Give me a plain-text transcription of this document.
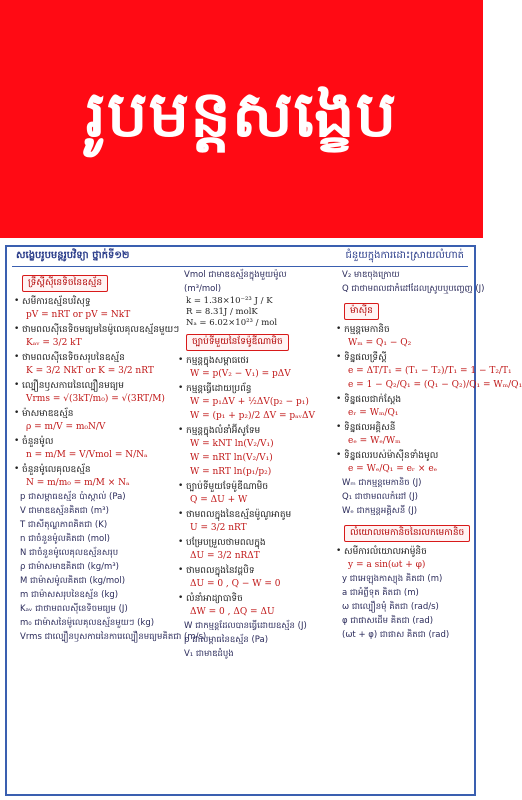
រូបមន្តសង្ខេប
សង្ខេបរូបមន្តរូបវិទ្យា ថ្នាក់ទី១២	ជំនួយក្នុងការដោះស្រាយលំហាត់
ទ្រឹស្តីស៊ីនេទិចនៃឧស្ម័ន
• សមីការឧស្ម័នបរិសុទ្ធ
pV = nRT or pV = NkT
• ថាមពលស៊ីនេទិចមធ្យមនៃម៉ូលេគុលឧស្ម័នមួយៗ
Kₐᵥ = 3/2 kT
• ថាមពលស៊ីនេទិចសរុបនៃឧស្ម័ន
K = 3/2 NkT or K = 3/2 nRT
• ល្បឿនឫសការេនៃល្បឿនមធ្យម
Vrms = √(3kT/m₀) = √(3RT/M)
• ម៉ាសមាឌឧស្ម័ន
ρ = m/V = m₀N/V
• ចំនួនម៉ូល
n = m/M = V/Vmol = N/Nₐ
• ចំនួនម៉ូលេគុលឧស្ម័ន
N = m/m₀ = m/M × Nₐ
p ជាសម្ពាធឧស្ម័ន ប៉ាស្កាល់ (Pa)
V ជាមាឌឧស្ម័នគិតជា (m³)
T ជាសីតុណ្ហភាពគិតជា (K)
n ជាចំនួនម៉ូលគិតជា (mol)
N ជាចំនួនម៉ូលេគុលឧស្ម័នសរុប
ρ ជាម៉ាសមាឌគិតជា (kg/m³)
M ជាម៉ាសម៉ូលគិតជា (kg/mol)
m ជាម៉ាសសរុបនៃឧស្ម័ន (kg)
Kₐᵥ ជាថាមពលស៊ីនេទិចមធ្យម (J)
m₀ ជាម៉ាសនៃម៉ូលេគុលឧស្ម័នមួយៗ (kg)
Vrms ជាល្បឿនឫសការេនៃការេល្បឿនមធ្យមគិតជា (m/s)
Vmol ជាមាឌឧស្ម័នក្នុងមួយម៉ូល
(m³/mol)
k = 1.38×10⁻²³ J / K
R = 8.31J / molK
Nₐ = 6.02×10²³ / mol
ច្បាប់ទីមួយនៃទែម៉ូឌីណាមិច
• កម្មន្តក្នុងសម្ពាធថេរ
W = p(V₂ − V₁) = pΔV
• កម្មន្តធ្វើដោយប្រព័ន្ធ
W = p₁ΔV + ½ΔV(p₂ − p₁)
W = (p₁ + p₂)/2 ΔV = pₐᵥΔV
• កម្មន្តក្នុងលំនាំអ៊ីសូទែម
W = kNT ln(V₂/V₁)
W = nRT ln(V₂/V₁)
W = nRT ln(p₁/p₂)
• ច្បាប់ទីមួយទែម៉ូឌីណាមិច
Q = ΔU + W
• ថាមពលក្នុងនៃឧស្ម័នម៉ូណូអាតូម
U = 3/2 nRT
• បម្រែបម្រួលថាមពលក្នុង
ΔU = 3/2 nRΔT
• ថាមពលក្នុងនៃវដ្តបិទ
ΔU = 0 , Q − W = 0
• លំនាំអាដ្យាបាទិច
ΔW = 0 , ΔQ = ΔU
W ជាកម្មន្តដែលបានធ្វើដោយឧស្ម័ន (J)
p ជាសម្ពាធនៃឧស្ម័ន (Pa)
V₁ ជាមាឌដំបូង
V₂ មាឌចុងក្រោយ
Q ជាថាមពលជាកំដៅដែលស្រូបឬបញ្ចេញ (J)
ម៉ាស៊ីន
• កម្មន្តមេកានិច
Wₘ = Q₁ − Q₂
• ទិន្នផលទ្រឹស្តី
e = ΔT/T₁ = (T₁ − T₂)/T₁ = 1 − T₂/T₁
e = 1 − Q₂/Q₁ = (Q₁ − Q₂)/Q₁ = Wₘ/Q₁
• ទិន្នផលជាក់ស្តែង
eᵣ = Wₘ/Q₁
• ទិន្នផលអគ្គិសនី
eₑ = Wₑ/Wₘ
• ទិន្នផលរបស់ម៉ាស៊ីនទាំងមូល
e = Wₑ/Q₁ = eᵣ × eₑ
Wₘ ជាកម្មន្តមេកានិច (J)
Q₁ ជាថាមពលកំដៅ (J)
Wₑ ជាកម្មន្តអគ្គិសនី (J)
លំយោលមេកានិចនៃរលកមេកានិច
• សមីការលំយោលអាម៉ូនិច
y = a sin(ωt + φ)
y ជាអេឡុងកាស្យុង គិតជា (m)
a ជាអំព្លីទុត គិតជា (m)
ω ជាល្បឿនមុំ គិតជា (rad/s)
φ ជាផាសដើម គិតជា (rad)
(ωt + φ) ជាផាស គិតជា (rad)
